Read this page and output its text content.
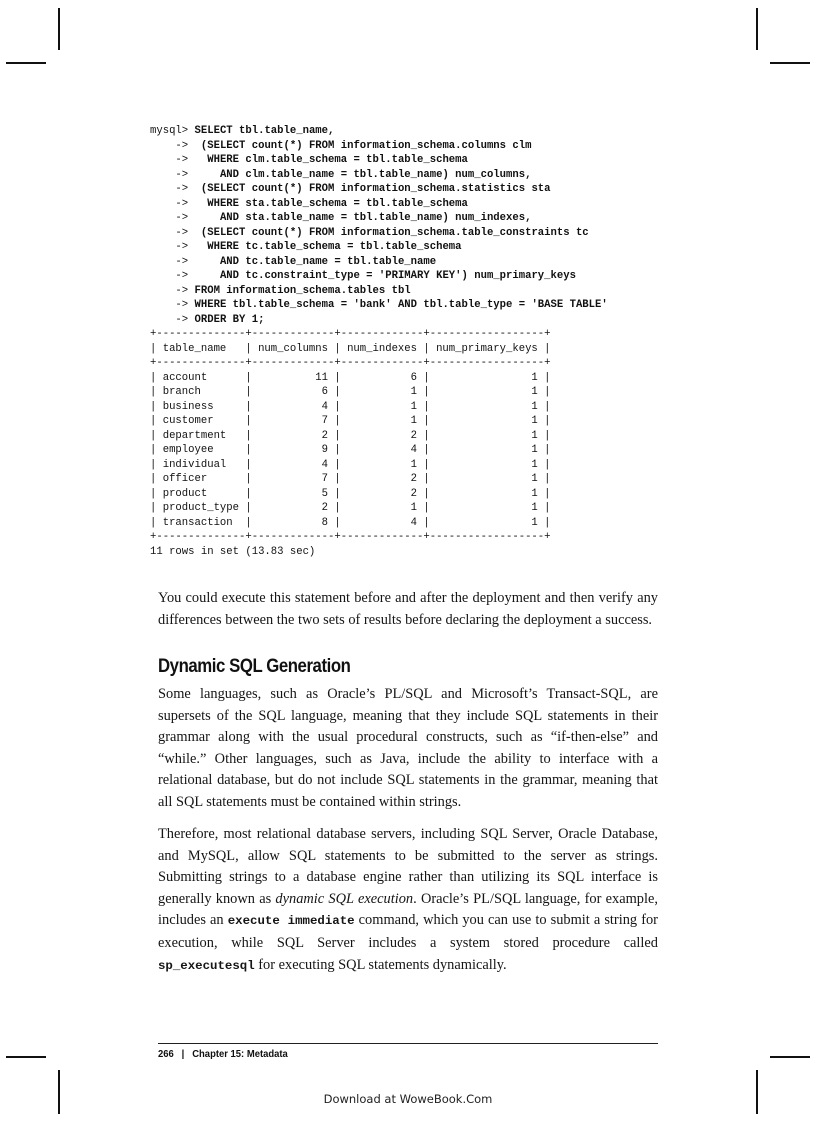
mysql> SELECT tbl.table_name,
->  (SELECT count(*) FROM information_schema.columns clm
->   WHERE clm.table_schema = tbl.table_schema
->     AND clm.table_name = tbl.table_name) num_columns,
->  (SELECT count(*) FROM information_schema.statistics sta
->   WHERE sta.table_schema = tbl.table_schema
->     AND sta.table_name = tbl.table_name) num_indexes,
->  (SELECT count(*) FROM information_schema.table_constraints tc
->   WHERE tc.table_schema = tbl.table_schema
->     AND tc.table_name = tbl.table_name
->     AND tc.constraint_type = 'PRIMARY KEY') num_primary_keys
-> FROM information_schema.tables tbl
-> WHERE tbl.table_schema = 'bank' AND tbl.table_type = 'BASE TABLE'
-> ORDER BY 1;
+--------------+-------------+-------------+------------------+
| table_name   | num_columns | num_indexes | num_primary_keys |
+--------------+-------------+-------------+------------------+
| account      |          11 |           6 |                1 |
| branch       |           6 |           1 |                1 |
| business     |           4 |           1 |                1 |
| customer     |           7 |           1 |                1 |
| department   |           2 |           2 |                1 |
| employee     |           9 |           4 |                1 |
| individual   |           4 |           1 |                1 |
| officer      |           7 |           2 |                1 |
| product      |           5 |           2 |                1 |
| product_type |           2 |           1 |                1 |
| transaction  |           8 |           4 |                1 |
+--------------+-------------+-------------+------------------+
11 rows in set (13.83 sec)

You could execute this statement before and after the deployment and then verify any differences between the two sets of results before declaring the deployment a success.

Dynamic SQL Generation

Some languages, such as Oracle’s PL/SQL and Microsoft’s Transact-SQL, are supersets of the SQL language, meaning that they include SQL statements in their grammar along with the usual procedural constructs, such as “if-then-else” and “while.” Other languages, such as Java, include the ability to interface with a relational database, but do not include SQL statements in the grammar, meaning that all SQL statements must be contained within strings.

Therefore, most relational database servers, including SQL Server, Oracle Database, and MySQL, allow SQL statements to be submitted to the server as strings. Submitting strings to a database engine rather than utilizing its SQL interface is generally known as dynamic SQL execution. Oracle’s PL/SQL language, for example, includes an execute immediate command, which you can use to submit a string for execution, while SQL Server includes a system stored procedure called sp_executesql for executing SQL statements dynamically.

266 | Chapter 15: Metadata

Download at WoweBook.Com
